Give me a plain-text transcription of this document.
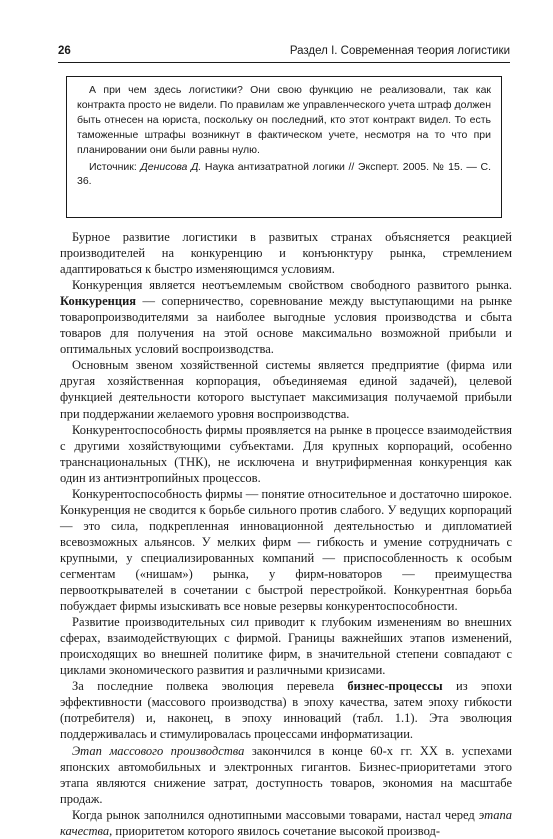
26	Раздел I. Современная теория логистики

А при чем здесь логистики? Они свою функцию не реализовали, так как контракта просто не видели. По правилам же управленческого учета штраф должен быть отнесен на юриста, поскольку он последний, кто этот контракт видел. То есть таможенные штрафы возникнут в фактическом учете, несмотря на то что при планировании они были равны нулю.

Источник: Денисова Д. Наука антизатратной логики // Эксперт. 2005. № 15. — С. 36.

Бурное развитие логистики в развитых странах объясняется реакцией производителей на конкуренцию и конъюнктуру рынка, стремлением адаптироваться к быстро изменяющимся условиям.

Конкуренция является неотъемлемым свойством свободного развитого рынка. Конкуренция — соперничество, соревнование между выступающими на рынке товаропроизводителями за наиболее выгодные условия производства и сбыта товаров для получения на этой основе максимально возможной прибыли и оптимальных условий воспроизводства.

Основным звеном хозяйственной системы является предприятие (фирма или другая хозяйственная корпорация, объединяемая единой задачей), целевой функцией деятельности которого выступает максимизация получаемой прибыли при поддержании желаемого уровня воспроизводства.

Конкурентоспособность фирмы проявляется на рынке в процессе взаимодействия с другими хозяйствующими субъектами. Для крупных корпораций, особенно транснациональных (ТНК), не исключена и внутрифирменная конкуренция как один из антиэнтропийных процессов.

Конкурентоспособность фирмы — понятие относительное и достаточно широкое. Конкуренция не сводится к борьбе сильного против слабого. У ведущих корпораций — это сила, подкрепленная инновационной деятельностью и дипломатией всевозможных альянсов. У мелких фирм — гибкость и умение сотрудничать с крупными, у специализированных компаний — приспособленность к особым сегментам («нишам») рынка, у фирм-новаторов — преимущества первооткрывателей в сочетании с быстрой перестройкой. Конкурентная борьба побуждает фирмы изыскивать все новые резервы конкурентоспособности.

Развитие производительных сил приводит к глубоким изменениям во внешних сферах, взаимодействующих с фирмой. Границы важнейших этапов изменений, происходящих во внешней политике фирм, в значительной степени совпадают с циклами экономического развития и различными кризисами.

За последние полвека эволюция перевела бизнес-процессы из эпохи эффективности (массового производства) в эпоху качества, затем эпоху гибкости (потребителя) и, наконец, в эпоху инноваций (табл. 1.1). Эта эволюция поддерживалась и стимулировалась процессами информатизации.

Этап массового производства закончился в конце 60-х гг. XX в. успехами японских автомобильных и электронных гигантов. Бизнес-приоритетами этого этапа являются снижение затрат, доступность товаров, экономия на масштабе продаж.

Когда рынок заполнился однотипными массовыми товарами, настал черед этапа качества, приоритетом которого явилось сочетание высокой производ-
